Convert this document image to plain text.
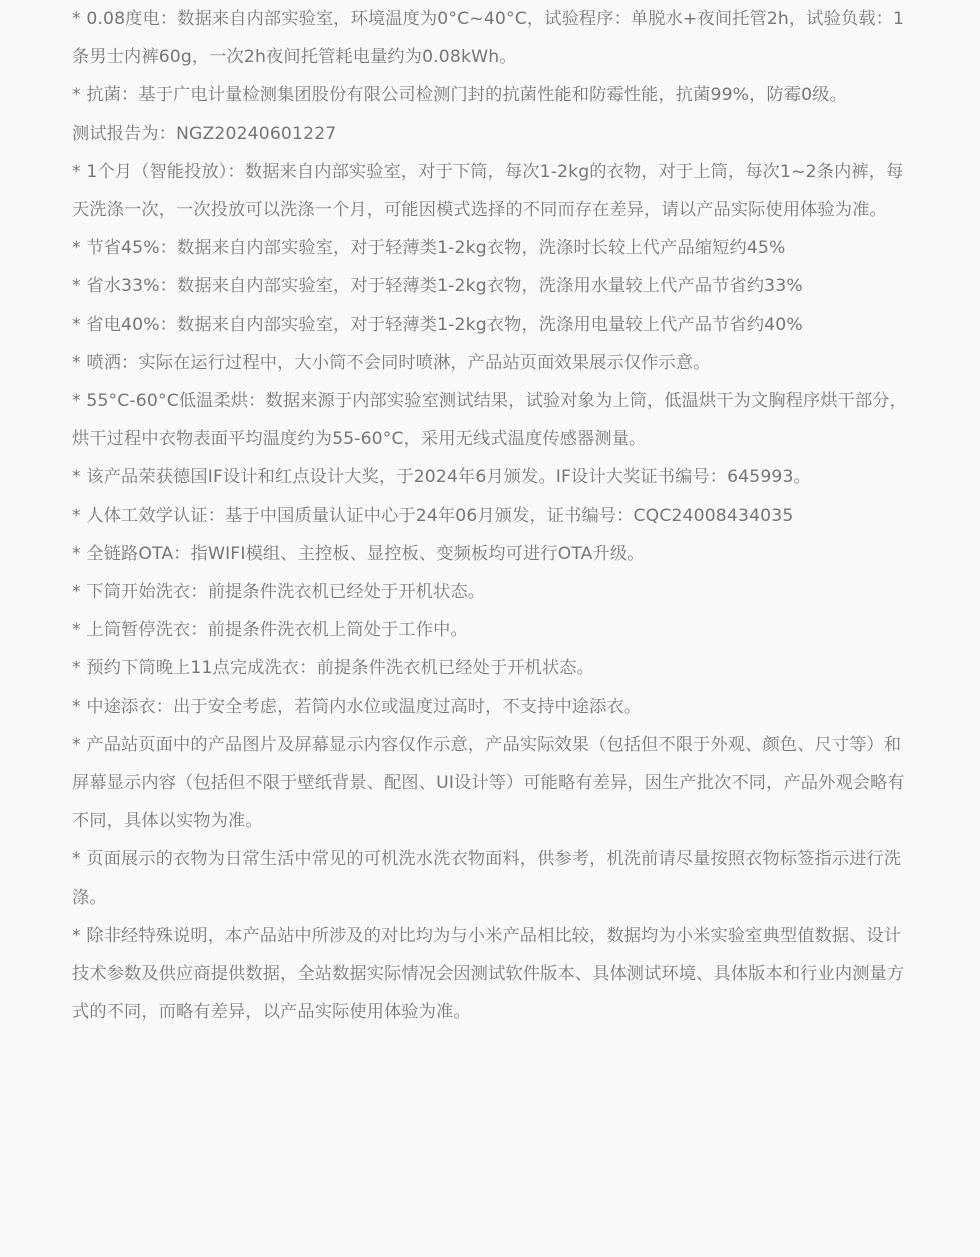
* 0.08度电：数据来自内部实验室，环境温度为0°C~40°C，试验程序：单脱水+夜间托管2h，试验负载：1条男士内裤60g，一次2h夜间托管耗电量约为0.08kWh。

* 抗菌：基于广电计量检测集团股份有限公司检测门封的抗菌性能和防霉性能，抗菌99%，防霉0级。

测试报告为：NGZ20240601227

* 1个月（智能投放）：数据来自内部实验室，对于下筒，每次1-2kg的衣物，对于上筒，每次1~2条内裤，每天洗涤一次，一次投放可以洗涤一个月，可能因模式选择的不同而存在差异，请以产品实际使用体验为准。

* 节省45%：数据来自内部实验室，对于轻薄类1-2kg衣物，洗涤时长较上代产品缩短约45%

* 省水33%：数据来自内部实验室，对于轻薄类1-2kg衣物，洗涤用水量较上代产品节省约33%

* 省电40%：数据来自内部实验室，对于轻薄类1-2kg衣物，洗涤用电量较上代产品节省约40%

* 喷洒：实际在运行过程中，大小筒不会同时喷淋，产品站页面效果展示仅作示意。

* 55°C-60°C低温柔烘：数据来源于内部实验室测试结果，试验对象为上筒，低温烘干为文胸程序烘干部分，烘干过程中衣物表面平均温度约为55-60°C，采用无线式温度传感器测量。

* 该产品荣获德国IF设计和红点设计大奖，于2024年6月颁发。IF设计大奖证书编号：645993。

* 人体工效学认证：基于中国质量认证中心于24年06月颁发，证书编号：CQC24008434035

* 全链路OTA：指WIFI模组、主控板、显控板、变频板均可进行OTA升级。

* 下筒开始洗衣：前提条件洗衣机已经处于开机状态。

* 上筒暂停洗衣：前提条件洗衣机上筒处于工作中。

* 预约下筒晚上11点完成洗衣：前提条件洗衣机已经处于开机状态。

* 中途添衣：出于安全考虑，若筒内水位或温度过高时，不支持中途添衣。

* 产品站页面中的产品图片及屏幕显示内容仅作示意，产品实际效果（包括但不限于外观、颜色、尺寸等）和屏幕显示内容（包括但不限于壁纸背景、配图、UI设计等）可能略有差异，因生产批次不同，产品外观会略有不同，具体以实物为准。

* 页面展示的衣物为日常生活中常见的可机洗水洗衣物面料，供参考，机洗前请尽量按照衣物标签指示进行洗涤。

* 除非经特殊说明，本产品站中所涉及的对比均为与小米产品相比较，数据均为小米实验室典型值数据、设计技术参数及供应商提供数据，全站数据实际情况会因测试软件版本、具体测试环境、具体版本和行业内测量方式的不同，而略有差异，以产品实际使用体验为准。
